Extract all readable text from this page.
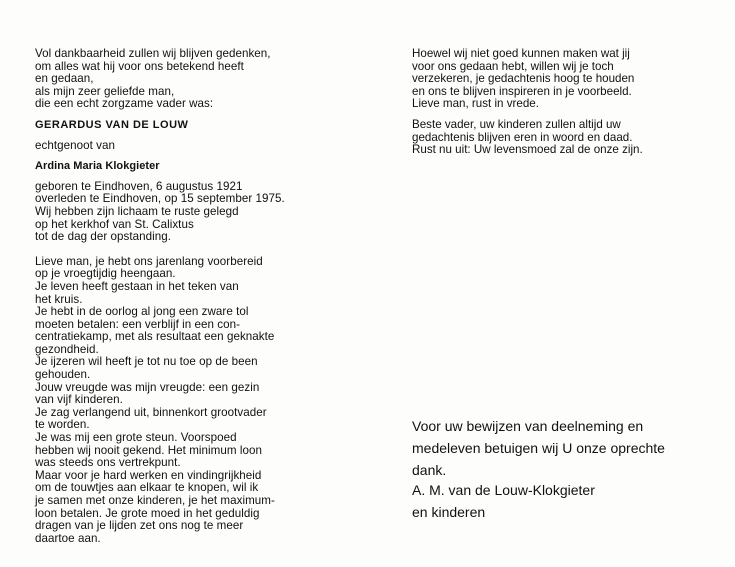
Vol dankbaarheid zullen wij blijven gedenken,
om alles wat hij voor ons betekend heeft
en gedaan,
als mijn zeer geliefde man,
die een echt zorgzame vader was:
GERARDUS VAN DE LOUW
echtgenoot van
Ardina Maria Klokgieter
geboren te Eindhoven, 6 augustus 1921
overleden te Eindhoven, op 15 september 1975.
Wij hebben zijn lichaam te ruste gelegd
op het kerkhof van St. Calixtus
tot de dag der opstanding.
Lieve man, je hebt ons jarenlang voorbereid
op je vroegtijdig heengaan.
Je leven heeft gestaan in het teken van
het kruis.
Je hebt in de oorlog al jong een zware tol
moeten betalen: een verblijf in een con-
centratiekamp, met als resultaat een geknakte
gezondheid.
Je ijzeren wil heeft je tot nu toe op de been
gehouden.
Jouw vreugde was mijn vreugde: een gezin
van vijf kinderen.
Je zag verlangend uit, binnenkort grootvader
te worden.
Je was mij een grote steun. Voorspoed
hebben wij nooit gekend. Het minimum loon
was steeds ons vertrekpunt.
Maar voor je hard werken en vindingrijkheid
om de touwtjes aan elkaar te knopen, wil ik
je samen met onze kinderen, je het maximum-
loon betalen. Je grote moed in het geduldig
dragen van je lijden zet ons nog te meer
daartoe aan.
Hoewel wij niet goed kunnen maken wat jij
voor ons gedaan hebt, willen wij je toch
verzekeren, je gedachtenis hoog te houden
en ons te blijven inspireren in je voorbeeld.
Lieve man, rust in vrede.
Beste vader, uw kinderen zullen altijd uw
gedachtenis blijven eren in woord en daad.
Rust nu uit: Uw levensmoed zal de onze zijn.
Voor uw bewijzen van deelneming en
medeleven betuigen wij U onze oprechte
dank.
A. M. van de Louw-Klokgieter
en kinderen
